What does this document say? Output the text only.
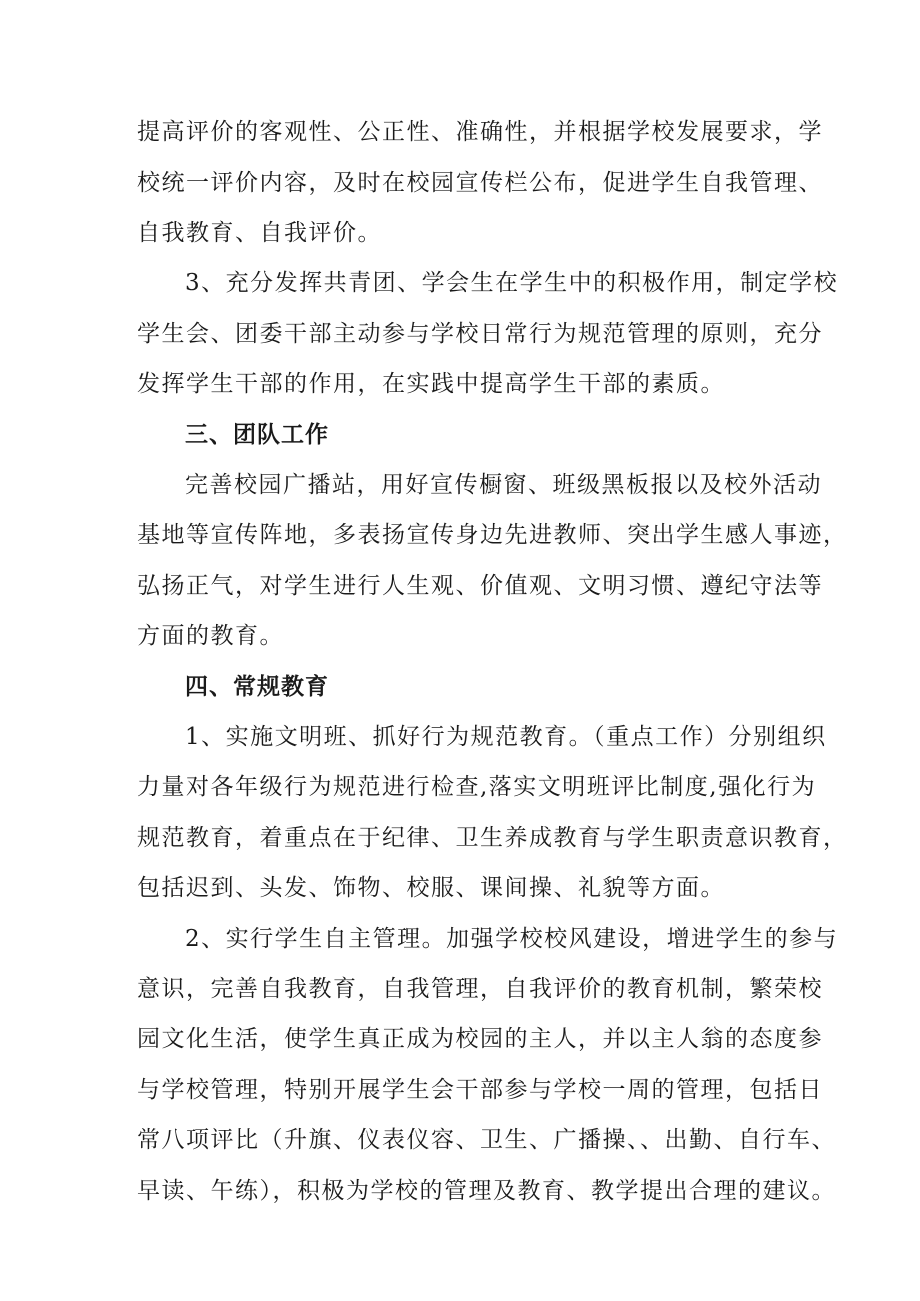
提高评价的客观性、公正性、准确性，并根据学校发展要求，学
校统一评价内容，及时在校园宣传栏公布，促进学生自我管理、
自我教育、自我评价。
3、充分发挥共青团、学会生在学生中的积极作用，制定学校
学生会、团委干部主动参与学校日常行为规范管理的原则，充分
发挥学生干部的作用，在实践中提高学生干部的素质。
三、团队工作
完善校园广播站，用好宣传橱窗、班级黑板报以及校外活动
基地等宣传阵地，多表扬宣传身边先进教师、突出学生感人事迹，
弘扬正气，对学生进行人生观、价值观、文明习惯、遵纪守法等
方面的教育。
四、常规教育
1、实施文明班、抓好行为规范教育。（重点工作）分别组织
力量对各年级行为规范进行检查,落实文明班评比制度,强化行为
规范教育，着重点在于纪律、卫生养成教育与学生职责意识教育，
包括迟到、头发、饰物、校服、课间操、礼貌等方面。
2、实行学生自主管理。加强学校校风建设，增进学生的参与
意识，完善自我教育，自我管理，自我评价的教育机制，繁荣校
园文化生活，使学生真正成为校园的主人，并以主人翁的态度参
与学校管理，特别开展学生会干部参与学校一周的管理，包括日
常八项评比（升旗、仪表仪容、卫生、广播操、、出勤、自行车、
早读、午练），积极为学校的管理及教育、教学提出合理的建议。
